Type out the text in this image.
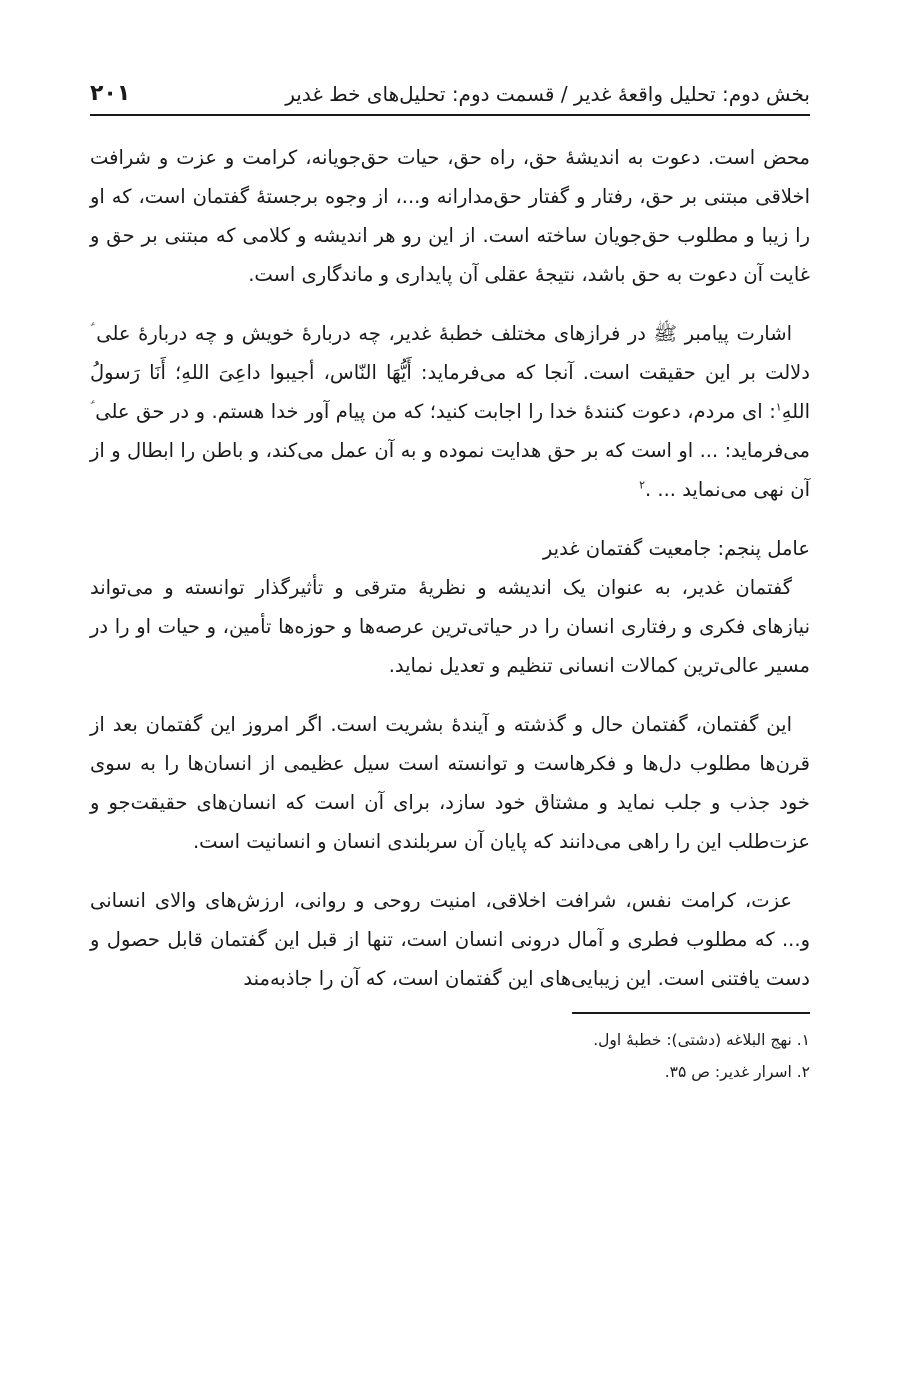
بخش دوم: تحلیل واقعهٔ غدیر / قسمت دوم: تحلیل‌های خط غدیر
۲۰۱

محض است. دعوت به اندیشهٔ حق، راه حق، حیات حق‌جویانه، کرامت و عزت و شرافت اخلاقی مبتنی بر حق، رفتار و گفتار حق‌مدارانه و...، از وجوه برجستهٔ گفتمان است، که او را زیبا و مطلوب حق‌جویان ساخته است. از این رو هر اندیشه و کلامی که مبتنی بر حق و غایت آن دعوت به حق باشد، نتیجهٔ عقلی آن پایداری و ماندگاری است.

اشارت پیامبر ﷺ در فرازهای مختلف خطبهٔ غدیر، چه دربارهٔ خویش و چه دربارهٔ علی ؑ دلالت بر این حقیقت است. آنجا که می‌فرماید: أَیُّهَا النّاس، أجیبوا داعِیَ اللهِ؛ أَنَا رَسولُ اللهِ$^۱$: ای مردم، دعوت کنندهٔ خدا را اجابت کنید؛ که من پیام آور خدا هستم. و در حق علی ؑ می‌فرماید: ... او است که بر حق هدایت نموده و به آن عمل می‌کند، و باطن را ابطال و از آن نهی می‌نماید ... .$^۲$

عامل پنجم: جامعیت گفتمان غدیر

گفتمان غدیر، به عنوان یک اندیشه و نظریهٔ مترقی و تأثیرگذار توانسته و می‌تواند نیازهای فکری و رفتاری انسان را در حیاتی‌ترین عرصه‌ها و حوزه‌ها تأمین، و حیات او را در مسیر عالی‌ترین کمالات انسانی تنظیم و تعدیل نماید.

این گفتمان، گفتمان حال و گذشته و آیندهٔ بشریت است. اگر امروز این گفتمان بعد از قرن‌ها مطلوب دل‌ها و فکرهاست و توانسته است سیل عظیمی از انسان‌ها را به سوی خود جذب و جلب نماید و مشتاق خود سازد، برای آن است که انسان‌های حقیقت‌جو و عزت‌طلب این را راهی می‌دانند که پایان آن سربلندی انسان و انسانیت است.

عزت، کرامت نفس، شرافت اخلاقی، امنیت روحی و روانی، ارزش‌های والای انسانی و... که مطلوب فطری و آمال درونی انسان است، تنها از قبل این گفتمان قابل حصول و دست یافتنی است. این زیبایی‌های این گفتمان است، که آن را جاذبه‌مند

۱. نهج البلاغه (دشتی): خطبهٔ اول.

۲. اسرار غدیر: ص ۳۵.
